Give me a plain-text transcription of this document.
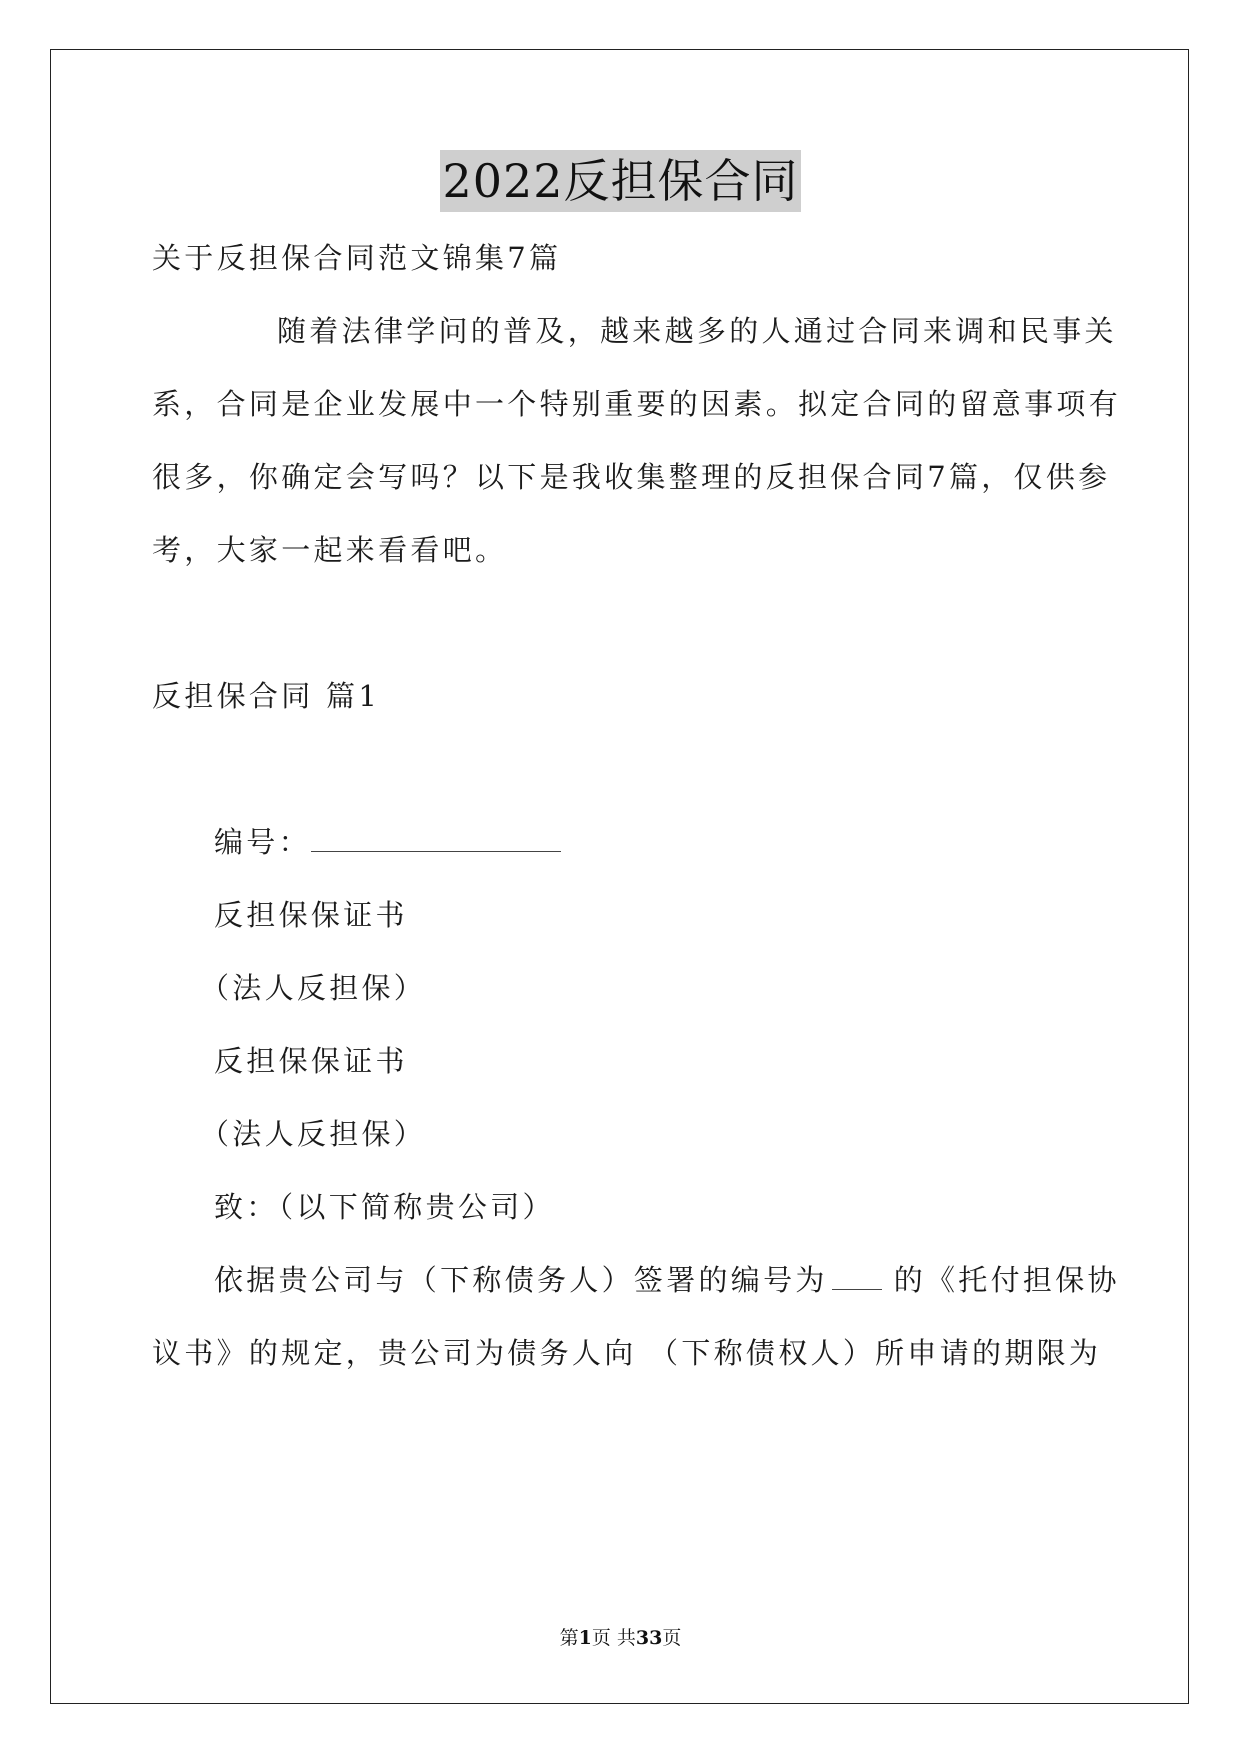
2022反担保合同
关于反担保合同范文锦集7篇
随着法律学问的普及，越来越多的人通过合同来调和民事关
系，合同是企业发展中一个特别重要的因素。拟定合同的留意事项有
很多，你确定会写吗？以下是我收集整理的反担保合同7篇，仅供参
考，大家一起来看看吧。
反担保合同 篇1
编号：
反担保保证书
（法人反担保）
反担保保证书
（法人反担保）
致：（以下简称贵公司）
依据贵公司与（下称债务人）签署的编号为 的《托付担保协
议书》的规定，贵公司为债务人向 （下称债权人）所申请的期限为
第1页 共33页
